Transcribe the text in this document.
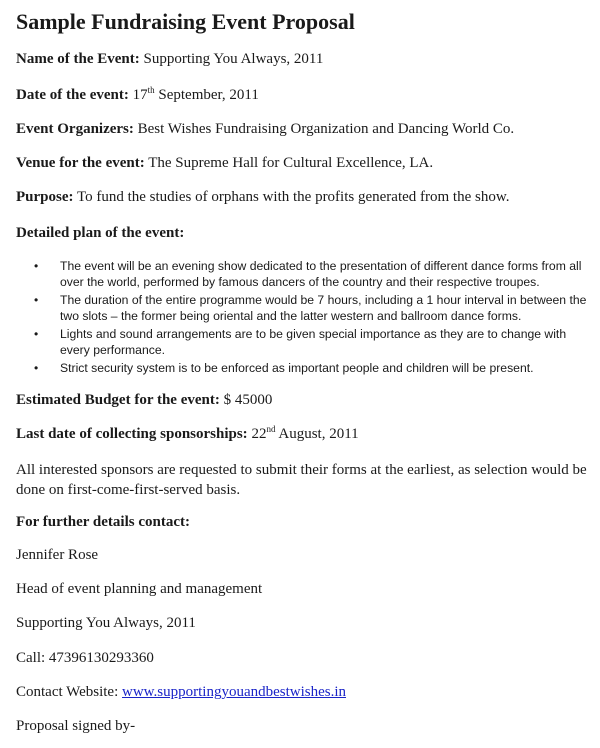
Sample Fundraising Event Proposal
Name of the Event: Supporting You Always, 2011
Date of the event: 17th September, 2011
Event Organizers: Best Wishes Fundraising Organization and Dancing World Co.
Venue for the event: The Supreme Hall for Cultural Excellence, LA.
Purpose: To fund the studies of orphans with the profits generated from the show.
Detailed plan of the event:
• The event will be an evening show dedicated to the presentation of different dance forms from all over the world, performed by famous dancers of the country and their respective troupes.
• The duration of the entire programme would be 7 hours, including a 1 hour interval in between the two slots – the former being oriental and the latter western and ballroom dance forms.
• Lights and sound arrangements are to be given special importance as they are to change with every performance.
• Strict security system is to be enforced as important people and children will be present.
Estimated Budget for the event: $ 45000
Last date of collecting sponsorships: 22nd August, 2011
All interested sponsors are requested to submit their forms at the earliest, as selection would be done on first-come-first-served basis.
For further details contact:
Jennifer Rose
Head of event planning and management
Supporting You Always, 2011
Call: 47396130293360
Contact Website: www.supportingyouandbestwishes.in
Proposal signed by-
